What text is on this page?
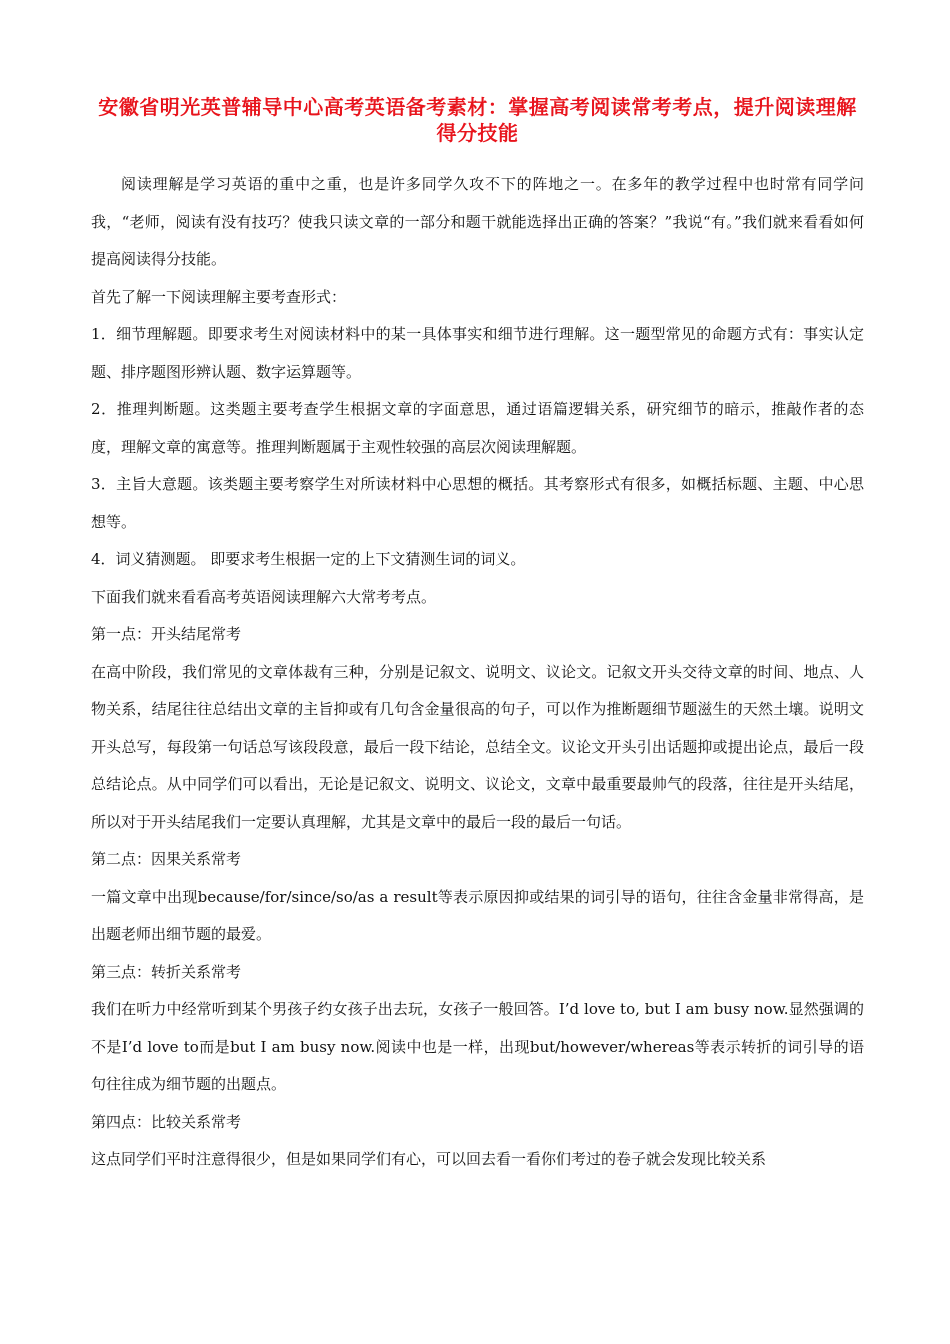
安徽省明光英普辅导中心高考英语备考素材：掌握高考阅读常考考点，提升阅读理解得分技能

阅读理解是学习英语的重中之重，也是许多同学久攻不下的阵地之一。在多年的教学过程中也时常有同学问我，“老师，阅读有没有技巧？使我只读文章的一部分和题干就能选择出正确的答案？”我说“有。”我们就来看看如何提高阅读得分技能。

首先了解一下阅读理解主要考查形式：

1．细节理解题。即要求考生对阅读材料中的某一具体事实和细节进行理解。这一题型常见的命题方式有：事实认定题、排序题图形辨认题、数字运算题等。

2．推理判断题。这类题主要考查学生根据文章的字面意思，通过语篇逻辑关系，研究细节的暗示，推敲作者的态度，理解文章的寓意等。推理判断题属于主观性较强的高层次阅读理解题。

3．主旨大意题。该类题主要考察学生对所读材料中心思想的概括。其考察形式有很多，如概括标题、主题、中心思想等。

4．词义猜测题。 即要求考生根据一定的上下文猜测生词的词义。

下面我们就来看看高考英语阅读理解六大常考考点。

第一点：开头结尾常考

在高中阶段，我们常见的文章体裁有三种，分别是记叙文、说明文、议论文。记叙文开头交待文章的时间、地点、人物关系，结尾往往总结出文章的主旨抑或有几句含金量很高的句子，可以作为推断题细节题滋生的天然土壤。说明文开头总写，每段第一句话总写该段段意，最后一段下结论，总结全文。议论文开头引出话题抑或提出论点，最后一段总结论点。从中同学们可以看出，无论是记叙文、说明文、议论文，文章中最重要最帅气的段落，往往是开头结尾，所以对于开头结尾我们一定要认真理解，尤其是文章中的最后一段的最后一句话。

第二点：因果关系常考

一篇文章中出现because/for/since/so/as a result等表示原因抑或结果的词引导的语句，往往含金量非常得高，是出题老师出细节题的最爱。

第三点：转折关系常考

我们在听力中经常听到某个男孩子约女孩子出去玩，女孩子一般回答。I’d love to, but I am busy now.显然强调的不是I’d love to而是but I am busy now.阅读中也是一样，出现but/however/whereas等表示转折的词引导的语句往往成为细节题的出题点。

第四点：比较关系常考

这点同学们平时注意得很少，但是如果同学们有心，可以回去看一看你们考过的卷子就会发现比较关系
